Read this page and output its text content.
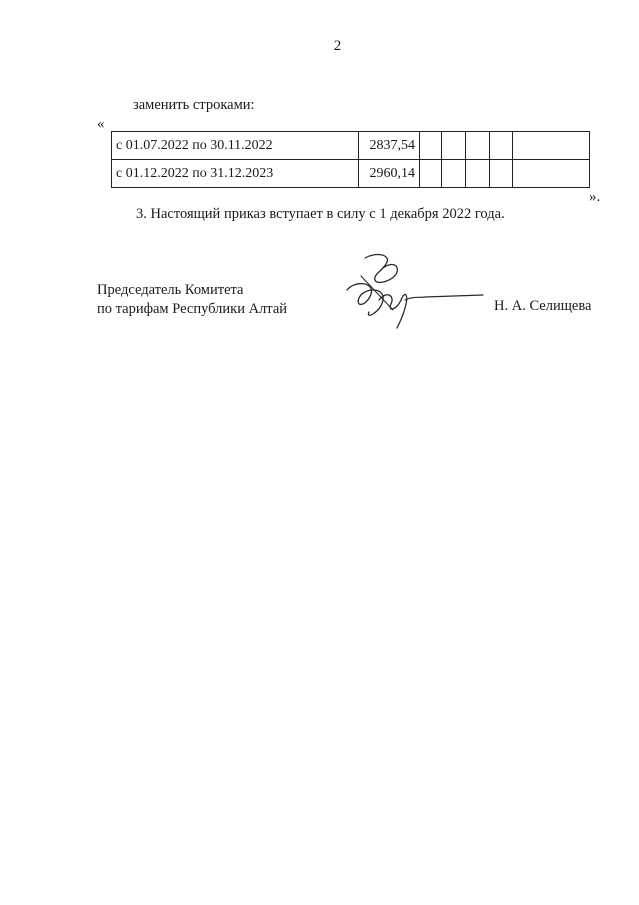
2
заменить строками:
«
с 01.07.2022 по 30.11.2022	2837,54					
с 01.12.2022 по 31.12.2023	2960,14					
».
3. Настоящий приказ вступает в силу с 1 декабря 2022 года.
Председатель Комитета
по тарифам Республики Алтай	Н. А. Селищева
